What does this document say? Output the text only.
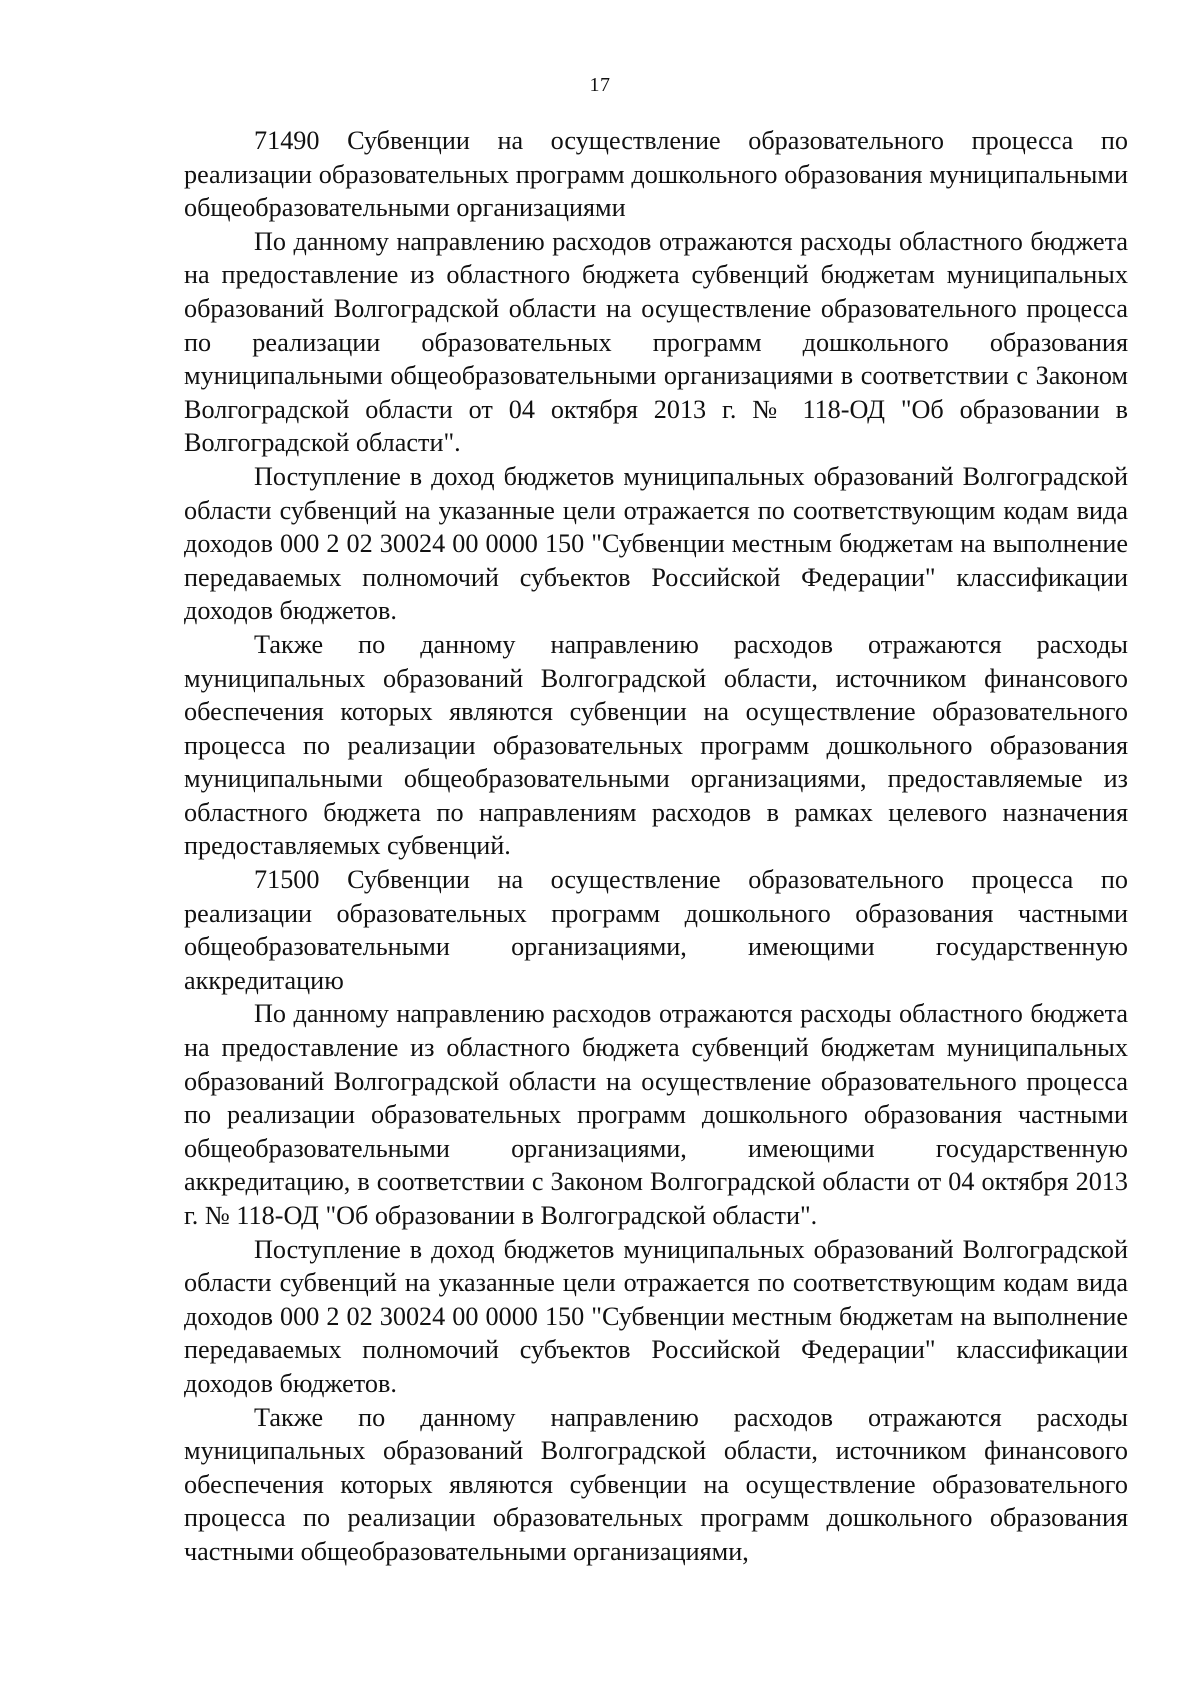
17

71490 Субвенции на осуществление образовательного процесса по реализации образовательных программ дошкольного образования муниципальными общеобразовательными организациями

По данному направлению расходов отражаются расходы областного бюджета на предоставление из областного бюджета субвенций бюджетам муниципальных образований Волгоградской области на осуществление образовательного процесса по реализации образовательных программ дошкольного образования муниципальными общеобразовательными организациями в соответствии с Законом Волгоградской области от 04 октября 2013 г. № 118-ОД "Об образовании в Волгоградской области".

Поступление в доход бюджетов муниципальных образований Волгоградской области субвенций на указанные цели отражается по соответствующим кодам вида доходов 000 2 02 30024 00 0000 150 "Субвенции местным бюджетам на выполнение передаваемых полномочий субъектов Российской Федерации" классификации доходов бюджетов.

Также по данному направлению расходов отражаются расходы муниципальных образований Волгоградской области, источником финансового обеспечения которых являются субвенции на осуществление образовательного процесса по реализации образовательных программ дошкольного образования муниципальными общеобразовательными организациями, предоставляемые из областного бюджета по направлениям расходов в рамках целевого назначения предоставляемых субвенций.

71500 Субвенции на осуществление образовательного процесса по реализации образовательных программ дошкольного образования частными общеобразовательными организациями, имеющими государственную аккредитацию

По данному направлению расходов отражаются расходы областного бюджета на предоставление из областного бюджета субвенций бюджетам муниципальных образований Волгоградской области на осуществление образовательного процесса по реализации образовательных программ дошкольного образования частными общеобразовательными организациями, имеющими государственную аккредитацию, в соответствии с Законом Волгоградской области от 04 октября 2013 г. № 118-ОД "Об образовании в Волгоградской области".

Поступление в доход бюджетов муниципальных образований Волгоградской области субвенций на указанные цели отражается по соответствующим кодам вида доходов 000 2 02 30024 00 0000 150 "Субвенции местным бюджетам на выполнение передаваемых полномочий субъектов Российской Федерации" классификации доходов бюджетов.

Также по данному направлению расходов отражаются расходы муниципальных образований Волгоградской области, источником финансового обеспечения которых являются субвенции на осуществление образовательного процесса по реализации образовательных программ дошкольного образования частными общеобразовательными организациями,
